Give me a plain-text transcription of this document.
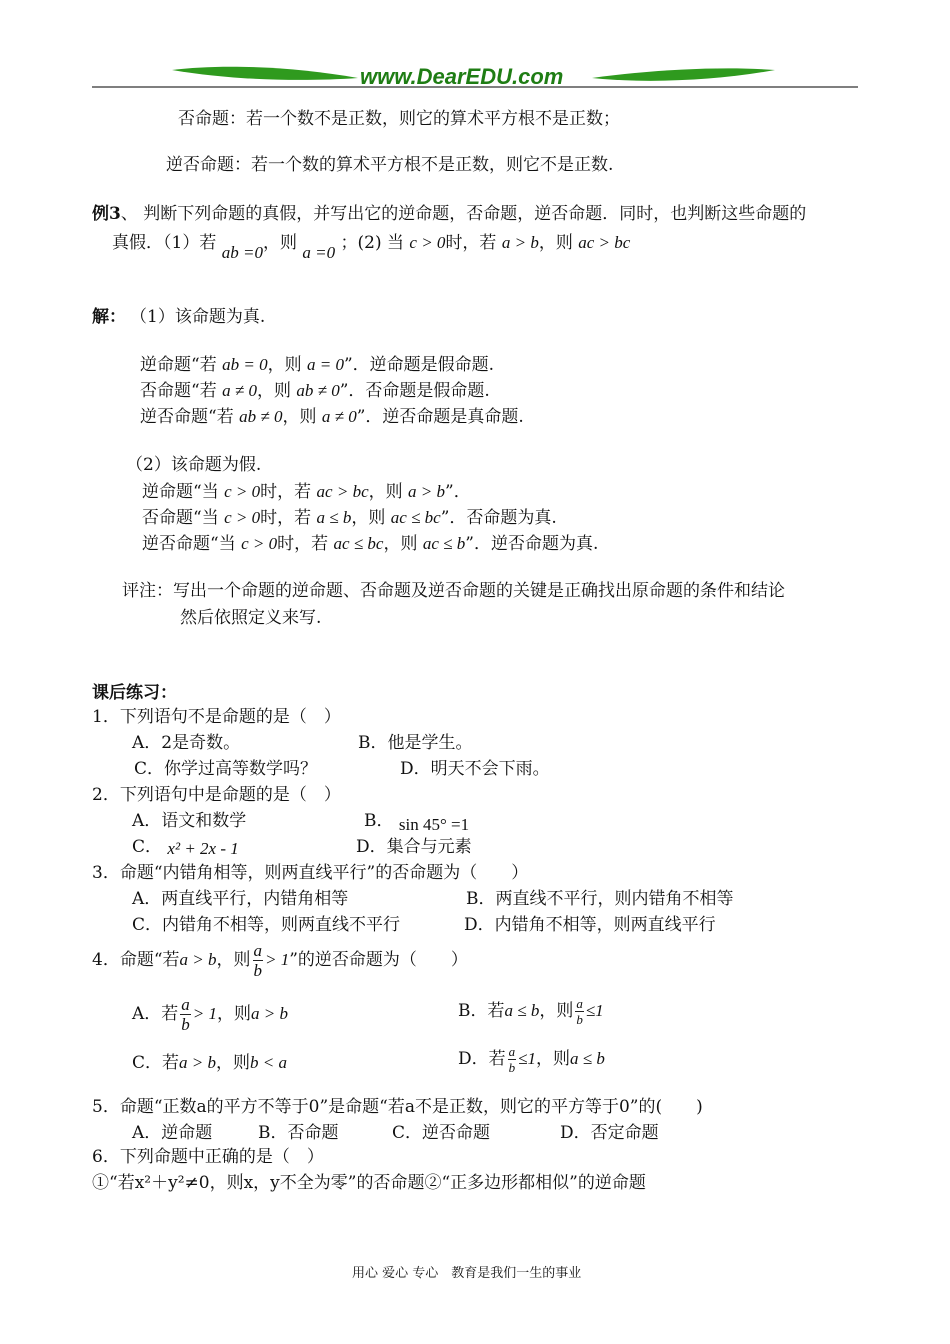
www.DearEDU.com
否命题：若一个数不是正数，则它的算术平方根不是正数；
逆否命题：若一个数的算术平方根不是正数，则它不是正数.
例3、 判断下列命题的真假，并写出它的逆命题，否命题，逆否命题．同时，也判断这些命题的
真假．（1）若 ab =0，则 a =0 ；(2) 当 c > 0时，若 a > b，则 ac > bc
解： （1）该命题为真.
逆命题“若 ab = 0，则 a = 0”．逆命题是假命题.
否命题“若 a ≠ 0，则 ab ≠ 0”．否命题是假命题.
逆否命题“若 ab ≠ 0，则 a ≠ 0”．逆否命题是真命题.
（2）该命题为假.
逆命题“当 c > 0时，若 ac > bc，则 a > b”．
否命题“当 c > 0时，若 a ≤ b，则 ac ≤ bc”．否命题为真.
逆否命题“当 c > 0时，若 ac ≤ bc，则 ac ≤ b”．逆否命题为真.
评注：写出一个命题的逆命题、否命题及逆否命题的关键是正确找出原命题的条件和结论
然后依照定义来写.
课后练习：
1．下列语句不是命题的是（　）
A．2是奇数。	B．他是学生。
C．你学过高等数学吗？	D．明天不会下雨。
2．下列语句中是命题的是（　）
A．语文和数学	B． sin 45° =1
C． x² + 2x - 1	D．集合与元素
3．命题“内错角相等，则两直线平行”的否命题为（　　）
A．两直线平行，内错角相等	B．两直线不平行，则内错角不相等
C．内错角不相等，则两直线不平行	D．内错角不相等，则两直线平行
4．命题“若a > b，则 $\frac{a}{b} > 1$”的逆否命题为（　　）
A．若 $\frac{a}{b} > 1$，则a > b	B．若a ≤ b，则 $\frac{a}{b} \le 1$
C．若a > b，则b < a	D．若 $\frac{a}{b} \le 1$，则a ≤ b
5．命题“正数a的平方不等于0”是命题“若a不是正数，则它的平方等于0”的(　　)
A．逆命题	B．否命题	C．逆否命题	D．否定命题
6．下列命题中正确的是（　）
①“若x²＋y²≠0，则x，y不全为零”的否命题②“正多边形都相似”的逆命题
用心 爱心 专心　教育是我们一生的事业
